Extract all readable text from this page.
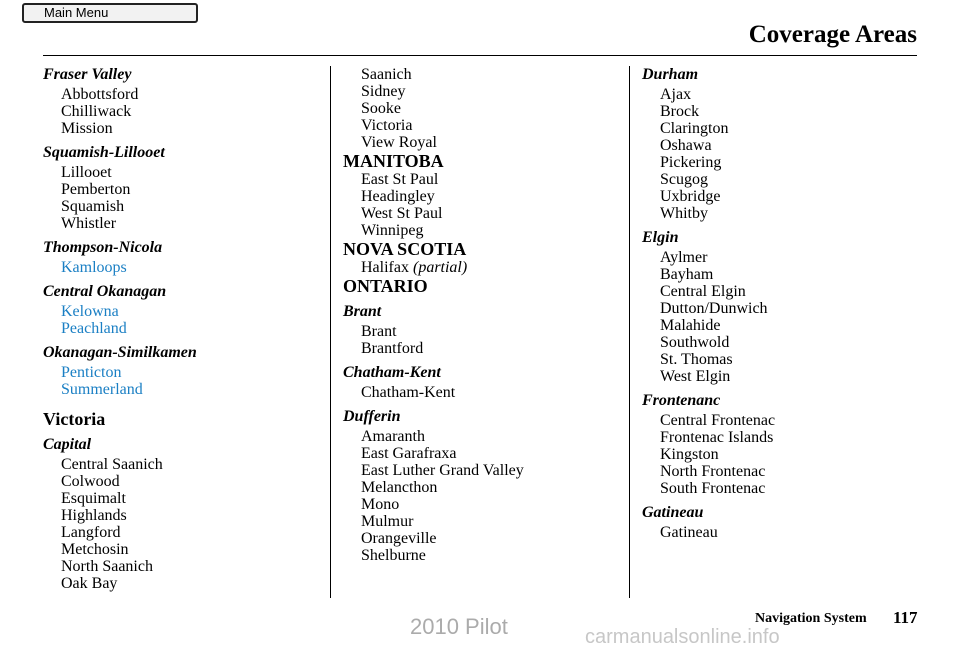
Main Menu
Coverage Areas
Fraser Valley
Abbottsford
Chilliwack
Mission
Squamish-Lillooet
Lillooet
Pemberton
Squamish
Whistler
Thompson-Nicola
Kamloops
Central Okanagan
Kelowna
Peachland
Okanagan-Similkamen
Penticton
Summerland
Victoria
Capital
Central Saanich
Colwood
Esquimalt
Highlands
Langford
Metchosin
North Saanich
Oak Bay
Saanich
Sidney
Sooke
Victoria
View Royal
MANITOBA
East St Paul
Headingley
West St Paul
Winnipeg
NOVA SCOTIA
Halifax (partial)
ONTARIO
Brant
Brant
Brantford
Chatham-Kent
Chatham-Kent
Dufferin
Amaranth
East Garafraxa
East Luther Grand Valley
Melancthon
Mono
Mulmur
Orangeville
Shelburne
Durham
Ajax
Brock
Clarington
Oshawa
Pickering
Scugog
Uxbridge
Whitby
Elgin
Aylmer
Bayham
Central Elgin
Dutton/Dunwich
Malahide
Southwold
St. Thomas
West Elgin
Frontenanc
Central Frontenac
Frontenac Islands
Kingston
North Frontenac
South Frontenac
Gatineau
Gatineau
Navigation System 117
2010 Pilot	carmanualsonline.info
